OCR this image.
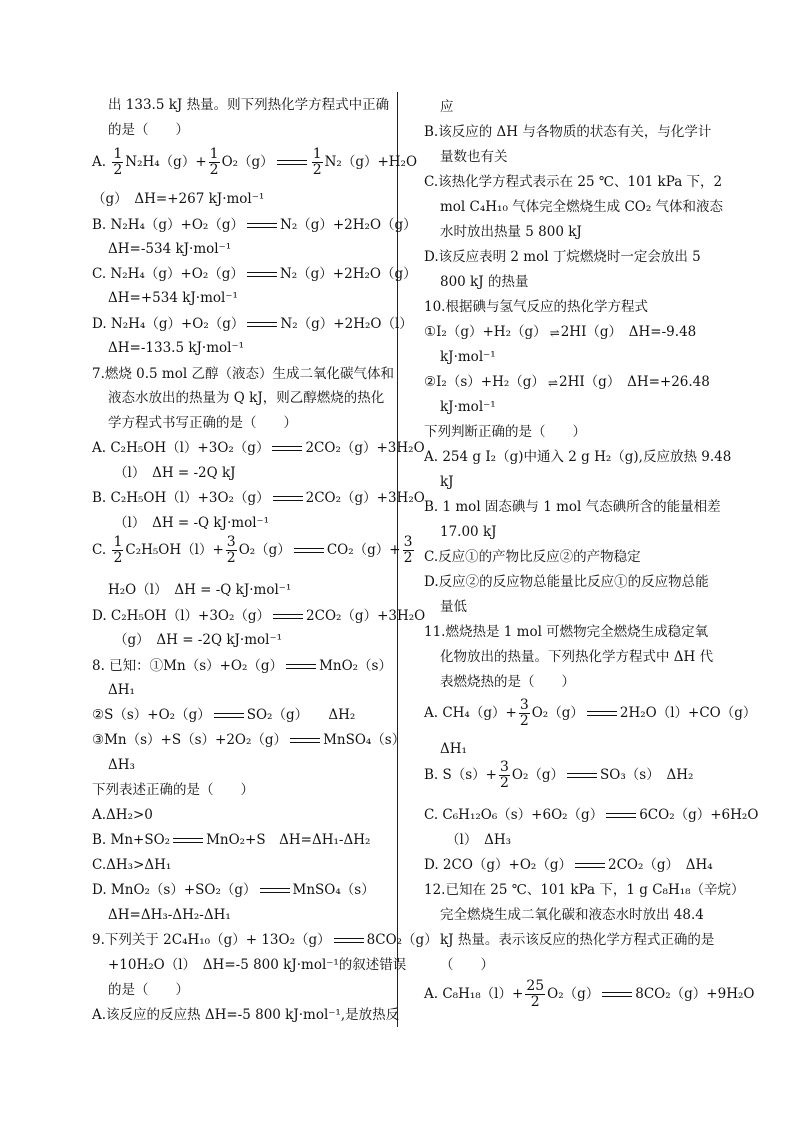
出 133.5 kJ 热量。则下列热化学方程式中正确
的是（　　）
A. $\frac{1}{2} N_2H_4(g)+ \frac{1}{2} O_2(g)$	$\frac{1}{2} N_2(g)+H_2O$
（g）　ΔH=+267 kJ·mol⁻¹
B. N₂H₄（g）+O₂（g）	N₂（g）+2H₂O（g）
ΔH=-534 kJ·mol⁻¹
C. N₂H₄（g）+O₂（g）	N₂（g）+2H₂O（g）
ΔH=+534 kJ·mol⁻¹
D. N₂H₄（g）+O₂（g）	N₂（g）+2H₂O（l）
ΔH=-133.5 kJ·mol⁻¹
7.燃烧 0.5 mol 乙醇（液态）生成二氧化碳气体和
液态水放出的热量为 Q kJ，则乙醇燃烧的热化
学方程式书写正确的是（　　）
A. C₂H₅OH（l）+3O₂（g）	2CO₂（g）+3H₂O
（l）　ΔH = -2Q kJ
B. C₂H₅OH（l）+3O₂（g）	2CO₂（g）+3H₂O
（l）　ΔH = -Q kJ·mol⁻¹
C. $\frac{1}{2} C_2H_5OH(l)+ \frac{3}{2} O_2(g)$	$CO_2(g)+ \frac{3}{2}$
H₂O（l）　ΔH = -Q kJ·mol⁻¹
D. C₂H₅OH（l）+3O₂（g）	2CO₂（g）+3H₂O
（g）　ΔH = -2Q kJ·mol⁻¹
8. 已知：①Mn（s）+O₂（g）	MnO₂（s）
ΔH₁
②S（s）+O₂（g）	SO₂（g）　　ΔH₂
③Mn（s）+S（s）+2O₂（g）	MnSO₄（s）
ΔH₃
下列表述正确的是（　　）
A.ΔH₂>0
B. Mn+SO₂	MnO₂+S　ΔH=ΔH₁-ΔH₂
C.ΔH₃>ΔH₁
D. MnO₂（s）+SO₂（g）	MnSO₄（s）
ΔH=ΔH₃-ΔH₂-ΔH₁
9.下列关于 2C₄H₁₀（g）+ 13O₂（g）	8CO₂（g）
+10H₂O（l）　ΔH=-5 800 kJ·mol⁻¹的叙述错误
的是（　　）
A.该反应的反应热 ΔH=-5 800 kJ·mol⁻¹,是放热反
应
B.该反应的 ΔH 与各物质的状态有关，与化学计
量数也有关
C.该热化学方程式表示在 25 ℃、101 kPa 下，2
mol C₄H₁₀ 气体完全燃烧生成 CO₂ 气体和液态
水时放出热量 5 800 kJ
D.该反应表明 2 mol 丁烷燃烧时一定会放出 5
800 kJ 的热量
10.根据碘与氢气反应的热化学方程式
①I₂（g）+H₂（g） ⇌ 2HI（g）　ΔH=-9.48
kJ·mol⁻¹
②I₂（s）+H₂（g） ⇌ 2HI（g）　ΔH=+26.48
kJ·mol⁻¹
下列判断正确的是（　　）
A. 254 g I₂（g)中通入 2 g H₂（g),反应放热 9.48
kJ
B. 1 mol 固态碘与 1 mol 气态碘所含的能量相差
17.00 kJ
C.反应①的产物比反应②的产物稳定
D.反应②的反应物总能量比反应①的反应物总能
量低
11.燃烧热是 1 mol 可燃物完全燃烧生成稳定氧
化物放出的热量。下列热化学方程式中 ΔH 代
表燃烧热的是（　　）
A. $CH_4(g)+ \frac{3}{2} O_2(g)$	2H₂O（l）+CO（g）
ΔH₁
B. $S(s)+ \frac{3}{2} O_2(g)$	SO₃（s）　ΔH₂
C. C₆H₁₂O₆（s）+6O₂（g）	6CO₂（g）+6H₂O
（l）　ΔH₃
D. 2CO（g）+O₂（g）	2CO₂（g）　ΔH₄
12.已知在 25 ℃、101 kPa 下，1 g C₈H₁₈（辛烷）
完全燃烧生成二氧化碳和液态水时放出 48.4
kJ 热量。表示该反应的热化学方程式正确的是
（　　）
A. $C_8H_{18}(l)+ \frac{25}{2} O_2(g)$	8CO₂（g）+9H₂O
